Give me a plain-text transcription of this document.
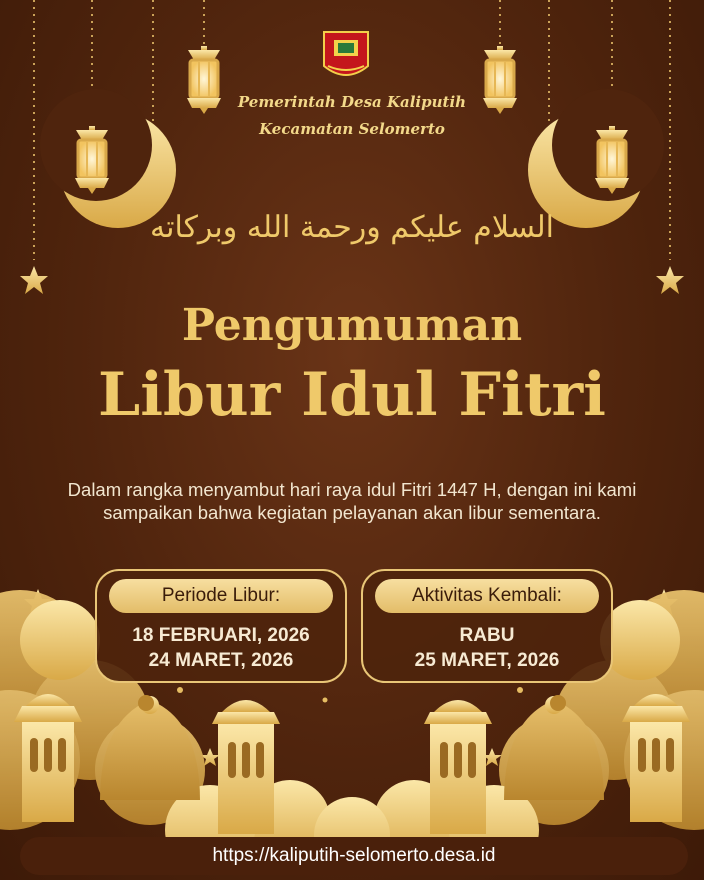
Pemerintah Desa Kaliputih
Kecamatan Selomerto
السلام عليكم ورحمة الله وبركاته
Pengumuman
Libur Idul Fitri
Dalam rangka menyambut hari raya idul Fitri 1447 H, dengan ini kami sampaikan bahwa kegiatan pelayanan akan libur sementara.
Periode Libur:
18 FEBRUARI, 2026
24 MARET, 2026
Aktivitas Kembali:
RABU
25 MARET, 2026
https://kaliputih-selomerto.desa.id
